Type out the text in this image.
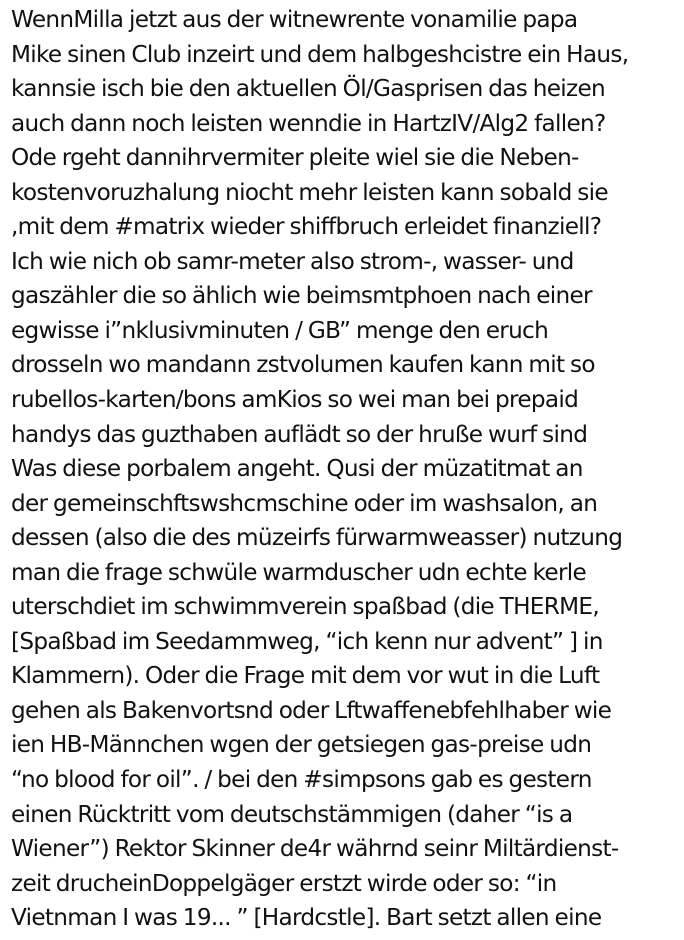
WennMilla jetzt aus der witnewrente vonamilie papa
Mike sinen Club inzeirt und dem halbgeshcistre ein Haus,
kannsie isch bie den aktuellen Öl/Gasprisen das heizen
auch dann noch leisten wenndie in HartzIV/Alg2 fallen?
Ode rgeht dannihrvermiter pleite wiel sie die Neben-
kostenvoruzhalung niocht mehr leisten kann sobald sie
,mit dem #matrix wieder shiffbruch erleidet finanziell?
Ich wie nich ob samr-meter also strom-, wasser- und
gaszähler die so ählich wie beimsmtphoen nach einer
egwisse i”nklusivminuten / GB” menge den eruch
drosseln wo mandann zstvolumen kaufen kann mit so
rubellos-karten/bons amKios so wei man bei prepaid
handys das guzthaben auflädt so der hrußе wurf sind
Was diese porbalem angeht. Qusi der müzatitmat an
der gemeinschftswshcmschine oder im washsalon, an
dessen (also die des müzeirfs fürwarmweasser) nutzung
man die frage schwüle warmduscher udn echte kerle
uterschdiet im schwimmverein spaßbad (die THERME,
[Spaßbad im Seedammweg, “ich kenn nur advent” ] in
Klammern). Oder die Frage mit dem vor wut in die Luft
gehen als Bakenvortsnd oder Lftwaffenebfehlhaber wie
ien HB-Männchen wgen der getsiegen gas-preise udn
“no blood for oil”. / bei den #simpsons gab es gestern
einen Rücktritt vom deutschstämmigen (daher “is a
Wiener”) Rektor Skinner de4r währnd seinr Miltärdienst-
zeit drucheinDoppelgäger erstzt wirde oder so: “in
Vietnman I was 19... ” [Hardcstle]. Bart setzt allen eine
